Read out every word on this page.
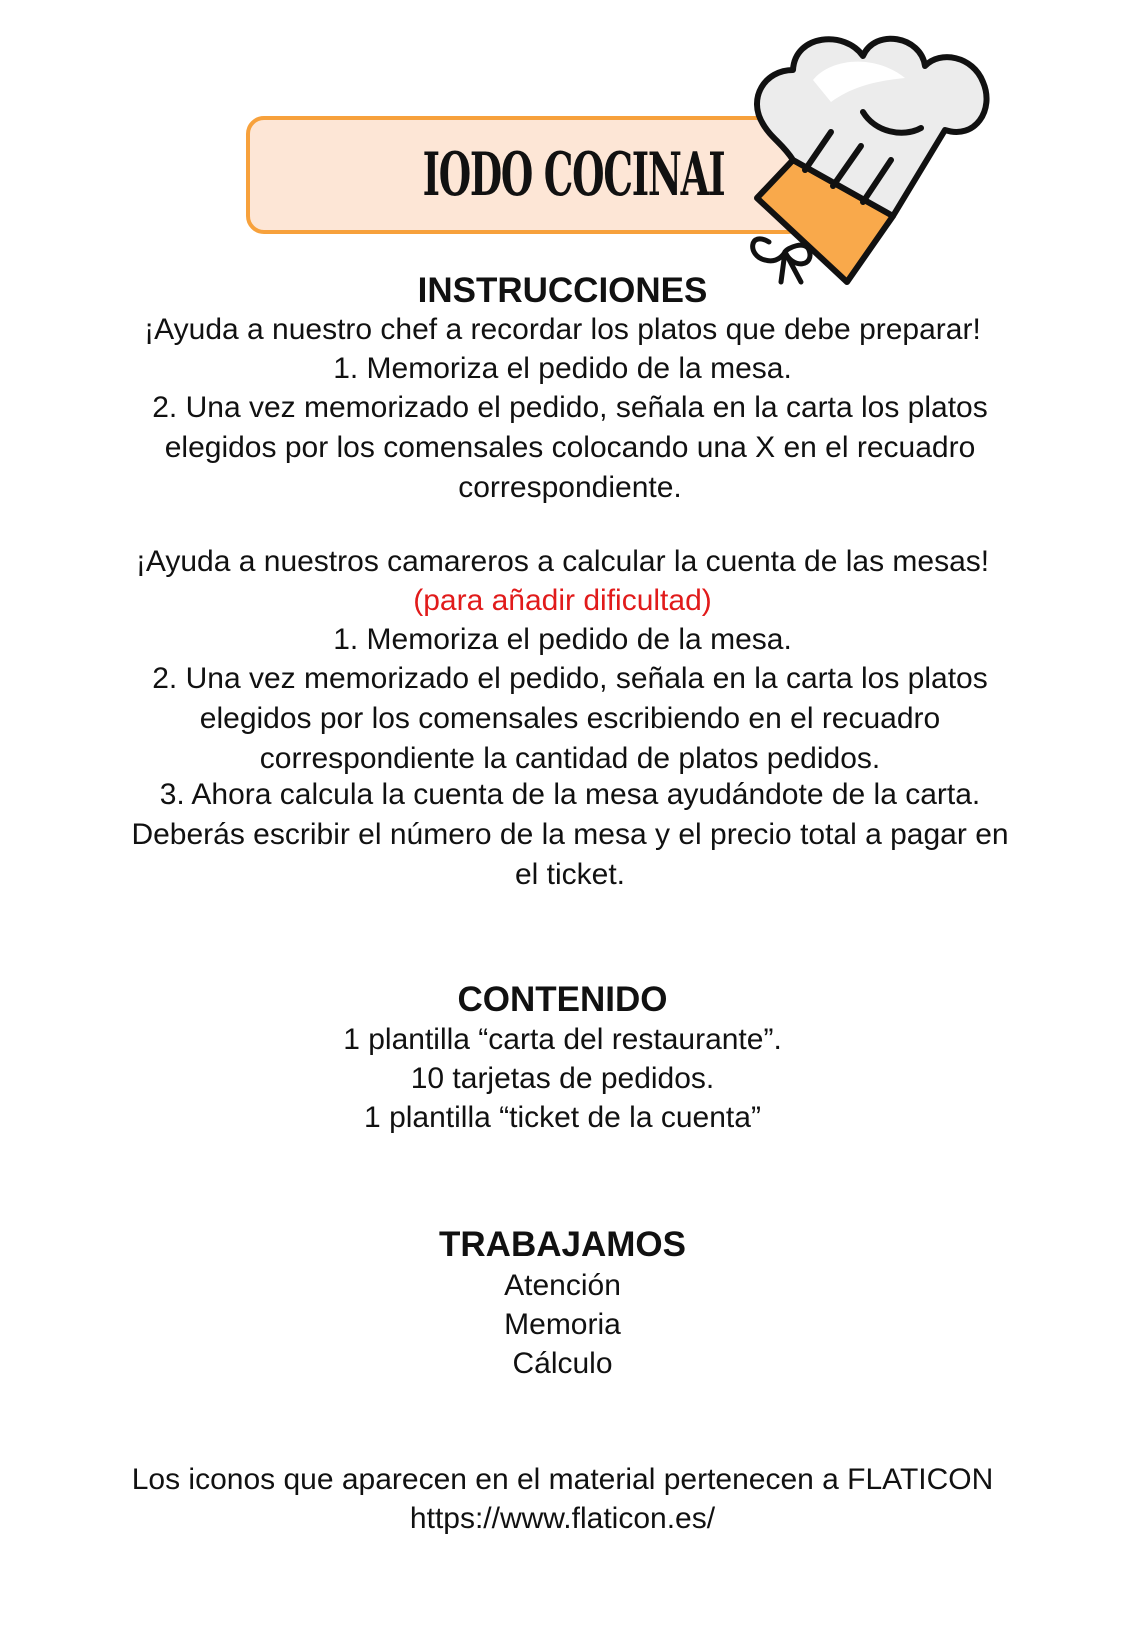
IODO COCINAI
INSTRUCCIONES
¡Ayuda a nuestro chef a recordar los platos que debe preparar!
1. Memoriza el pedido de la mesa.
2. Una vez memorizado el pedido, señala en la carta los platos elegidos por los comensales colocando una X en el recuadro correspondiente.
¡Ayuda a nuestros camareros a calcular la cuenta de las mesas!
(para añadir dificultad)
1. Memoriza el pedido de la mesa.
2. Una vez memorizado el pedido, señala en la carta los platos elegidos por los comensales escribiendo en el recuadro correspondiente la cantidad de platos pedidos.
3. Ahora calcula la cuenta de la mesa ayudándote de la carta. Deberás escribir el número de la mesa y el precio total a pagar en el ticket.
CONTENIDO
1 plantilla “carta del restaurante”.
10 tarjetas de pedidos.
1 plantilla “ticket de la cuenta”
TRABAJAMOS
Atención
Memoria
Cálculo
Los iconos que aparecen en el material pertenecen a FLATICON
https://www.flaticon.es/
